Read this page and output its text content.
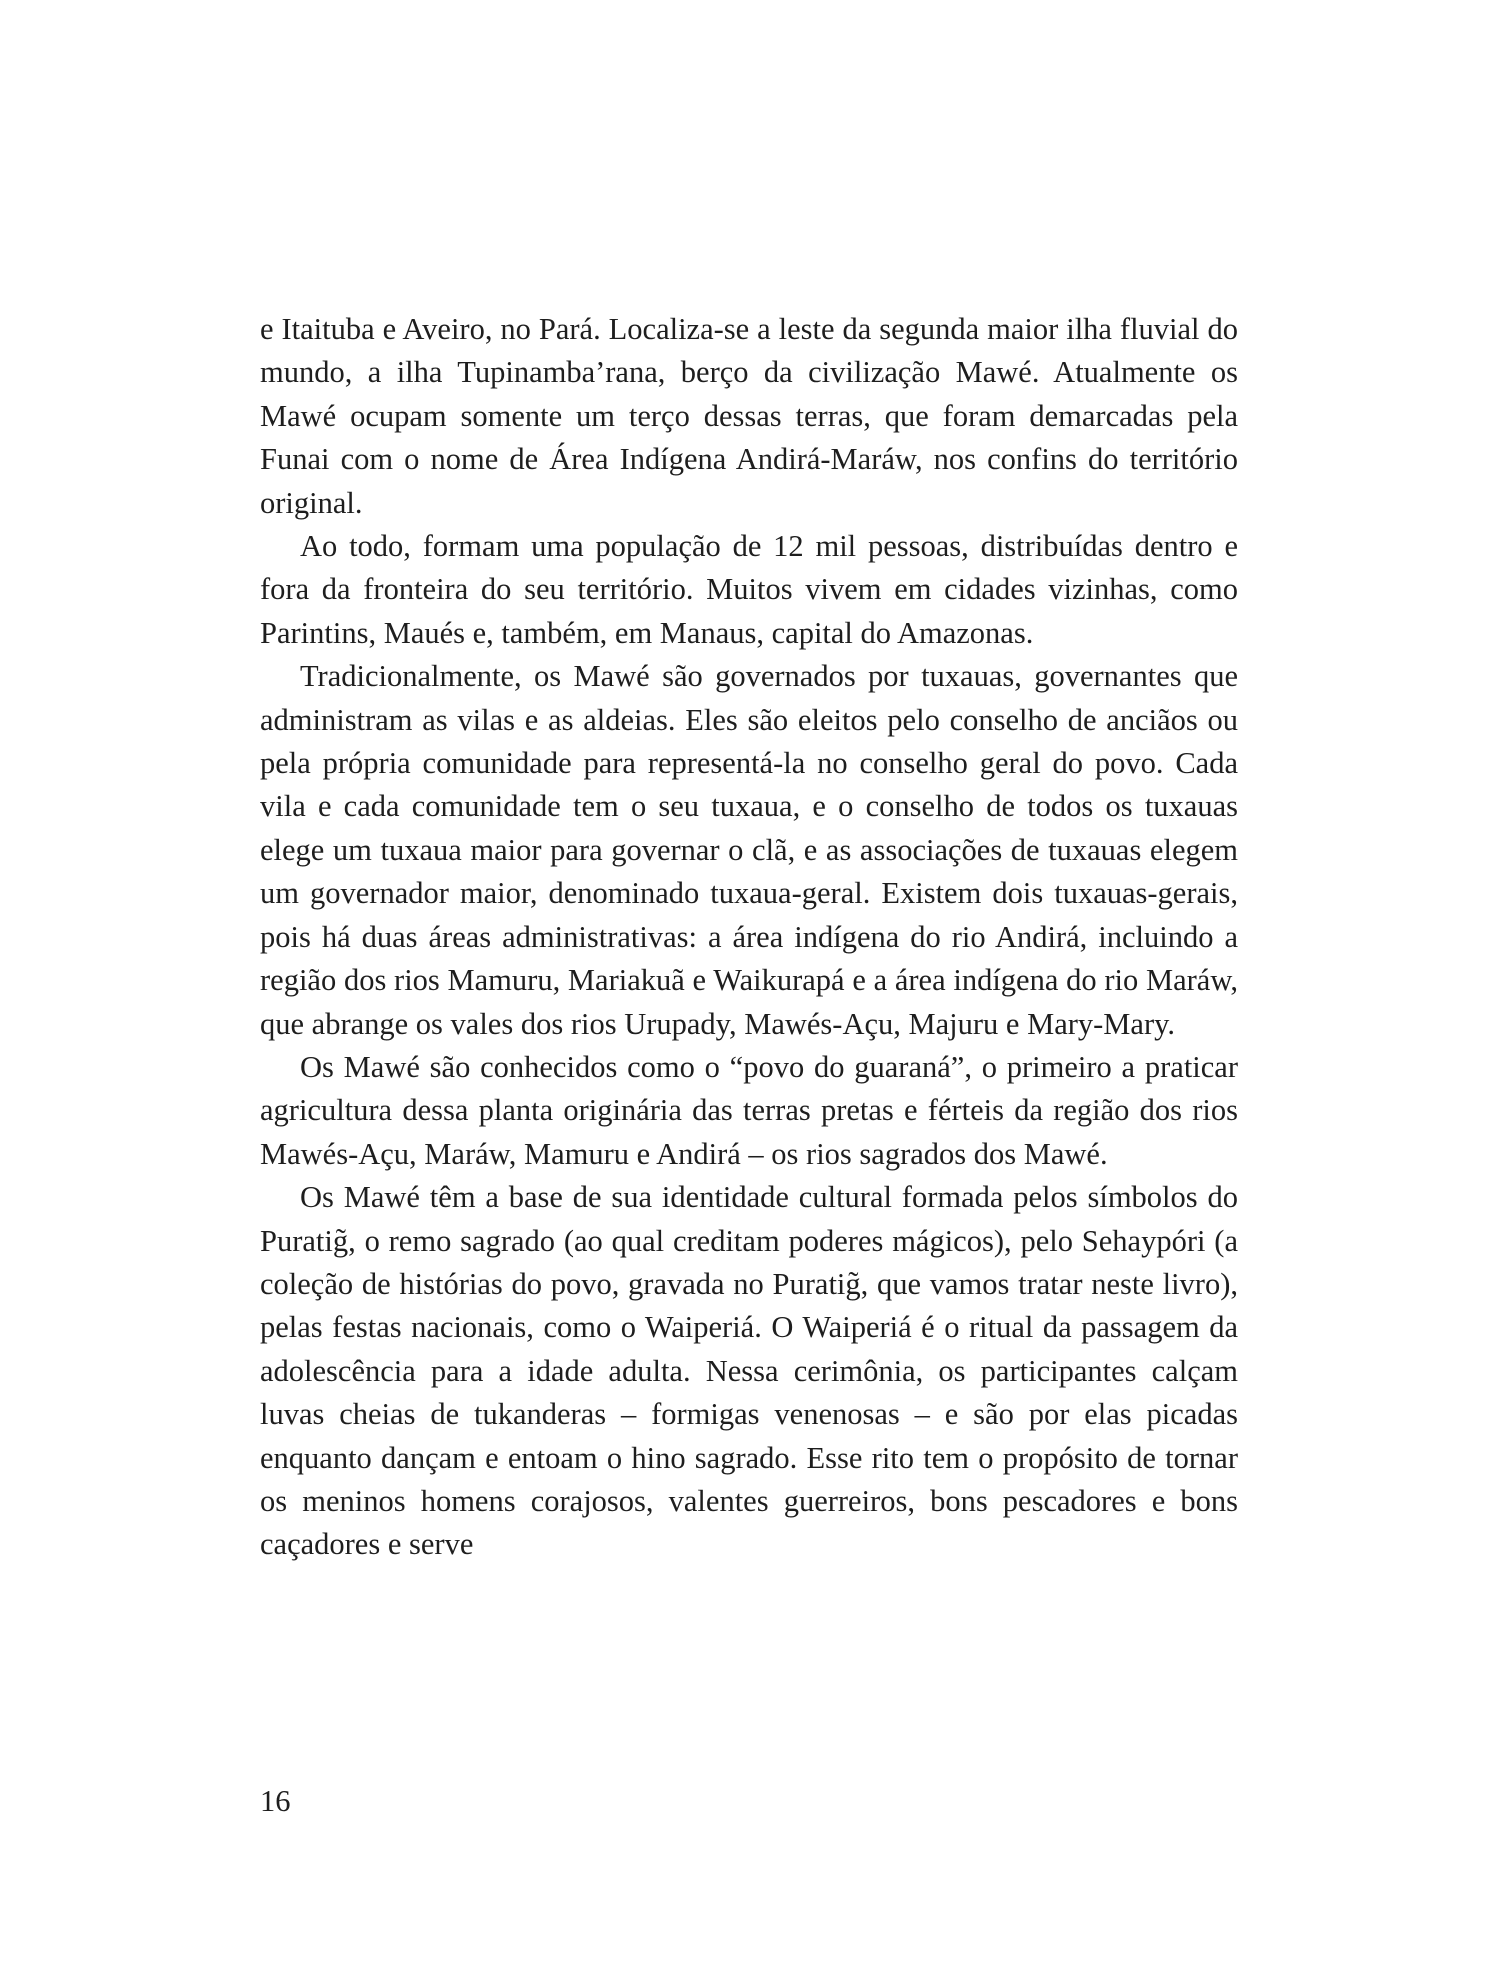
e Itaituba e Aveiro, no Pará. Localiza-se a leste da segunda maior ilha fluvial do mundo, a ilha Tupinamba’rana, berço da civilização Mawé. Atualmente os Mawé ocupam somente um terço dessas terras, que foram demarcadas pela Funai com o nome de Área Indígena Andirá-Maráw, nos confins do território original.

Ao todo, formam uma população de 12 mil pessoas, distribuídas dentro e fora da fronteira do seu território. Muitos vivem em cidades vizinhas, como Parintins, Maués e, também, em Manaus, capital do Amazonas.

Tradicionalmente, os Mawé são governados por tuxauas, governantes que administram as vilas e as aldeias. Eles são eleitos pelo conselho de anciãos ou pela própria comunidade para representá-la no conselho geral do povo. Cada vila e cada comunidade tem o seu tuxaua, e o conselho de todos os tuxauas elege um tuxaua maior para governar o clã, e as associações de tuxauas elegem um governador maior, denominado tuxaua-geral. Existem dois tuxauas-gerais, pois há duas áreas administrativas: a área indígena do rio Andirá, incluindo a região dos rios Mamuru, Mariakuã e Waikurapá e a área indígena do rio Maráw, que abrange os vales dos rios Urupady, Mawés-Açu, Majuru e Mary-Mary.

Os Mawé são conhecidos como o “povo do guaraná”, o primeiro a praticar agricultura dessa planta originária das terras pretas e férteis da região dos rios Mawés-Açu, Maráw, Mamuru e Andirá – os rios sagrados dos Mawé.

Os Mawé têm a base de sua identidade cultural formada pelos símbolos do Puratig̃, o remo sagrado (ao qual creditam poderes mágicos), pelo Sehaypóri (a coleção de histórias do povo, gravada no Puratig̃, que vamos tratar neste livro), pelas festas nacionais, como o Waiperiá. O Waiperiá é o ritual da passagem da adolescência para a idade adulta. Nessa cerimônia, os participantes calçam luvas cheias de tukanderas – formigas venenosas – e são por elas picadas enquanto dançam e entoam o hino sagrado. Esse rito tem o propósito de tornar os meninos homens corajosos, valentes guerreiros, bons pescadores e bons caçadores e serve

16
